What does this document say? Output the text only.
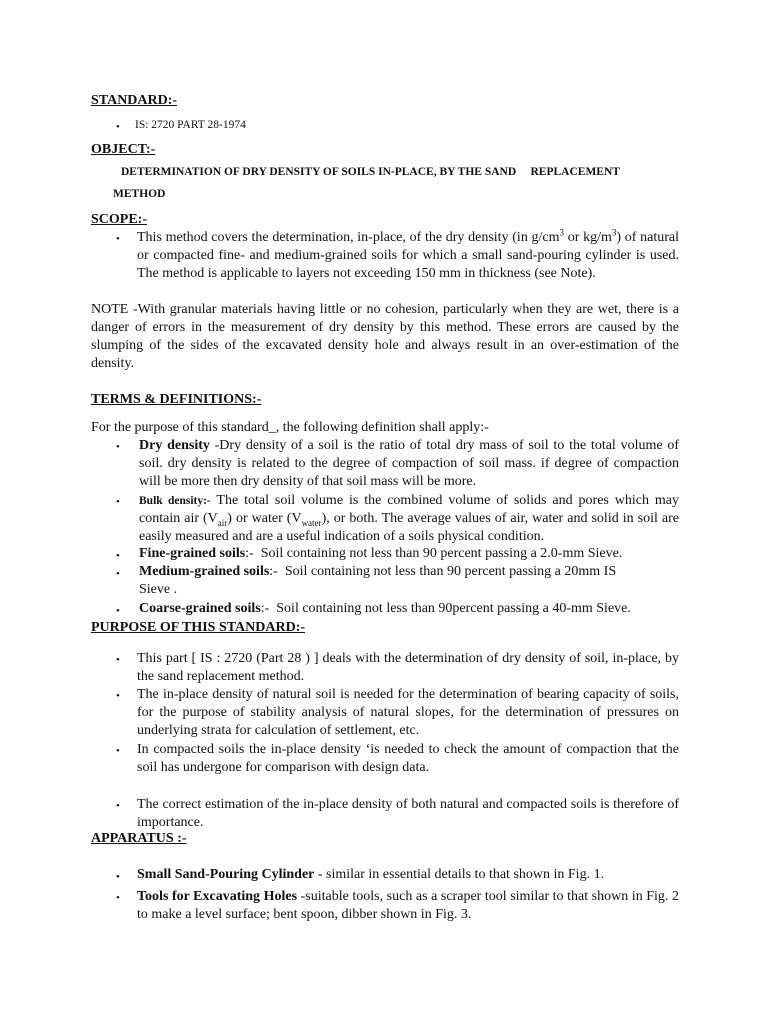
STANDARD:-
• IS: 2720 PART 28-1974
OBJECT:-
DETERMINATION OF DRY DENSITY OF SOILS IN-PLACE, BY THE SAND     REPLACEMENT
METHOD
SCOPE:-
• This method covers the determination, in-place, of the dry density (in $g/cm^3$ or $kg/m^3$) of natural or compacted fine- and medium-grained soils for which a small sand-pouring cylinder is used. The method is applicable to layers not exceeding 150 mm in thickness (see Note).
NOTE -With granular materials having little or no cohesion, particularly when they are wet, there is a danger of errors in the measurement of dry density by this method. These errors are caused by the slumping of the sides of the excavated density hole and always result in an over-estimation of the density.
TERMS & DEFINITIONS:-
For the purpose of this standard_, the following definition shall apply:-
• Dry density -Dry density of a soil is the ratio of total dry mass of soil to the total volume of soil. dry density is related to the degree of compaction of soil mass. if degree of compaction will be more then dry density of that soil mass will be more.
• Bulk density:- The total soil volume is the combined volume of solids and pores which may contain air $(V_{air})$ or water $(V_{water})$, or both. The average values of air, water and solid in soil are easily measured and are a useful indication of a soils physical condition.
• Fine-grained soils:-  Soil containing not less than 90 percent passing a 2.0-mm Sieve.
• Medium-grained soils:-  Soil containing not less than 90 percent passing a 20mm IS
Sieve .
• Coarse-grained soils:-  Soil containing not less than 90percent passing a 40-mm Sieve.
PURPOSE OF THIS STANDARD:-
• This part [ IS : 2720 (Part 28 ) ] deals with the determination of dry density of soil, in-place, by the sand replacement method.
• The in-place density of natural soil is needed for the determination of bearing capacity of soils, for the purpose of stability analysis of natural slopes, for the determination of pressures on underlying strata for calculation of settlement, etc.
• In compacted soils the in-place density ‘is needed to check the amount of compaction that the soil has undergone for comparison with design data.
• The correct estimation of the in-place density of both natural and compacted soils is therefore of importance.
APPARATUS :-
• Small Sand-Pouring Cylinder - similar in essential details to that shown in Fig. 1.
• Tools for Excavating Holes -suitable tools, such as a scraper tool similar to that shown in Fig. 2 to make a level surface; bent spoon, dibber shown in Fig. 3.
